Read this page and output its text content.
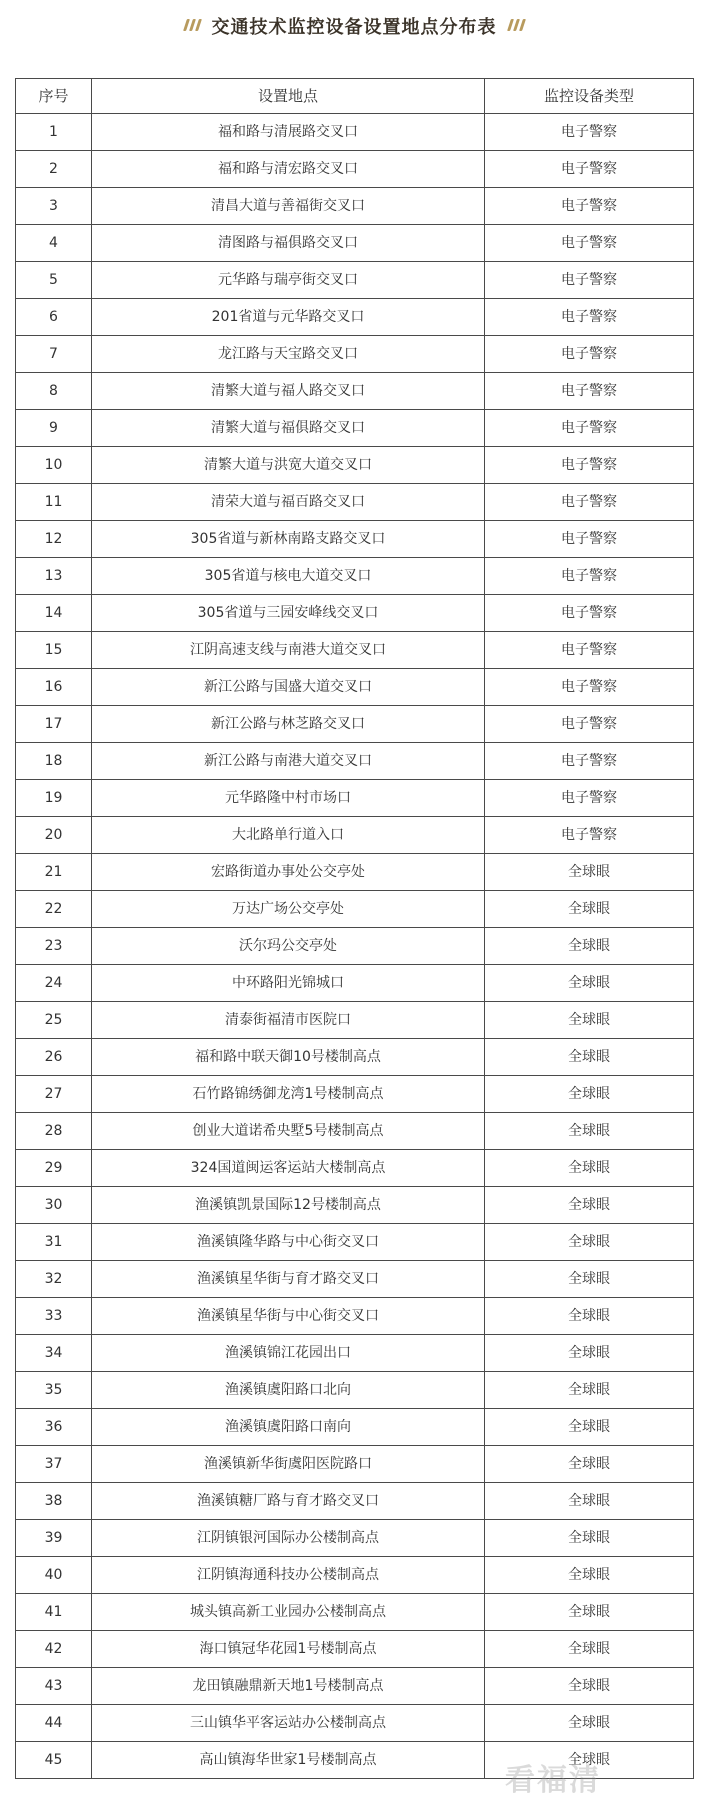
交通技术监控设备设置地点分布表
序号	设置地点	监控设备类型
1	福和路与清展路交叉口	电子警察
2	福和路与清宏路交叉口	电子警察
3	清昌大道与善福街交叉口	电子警察
4	清图路与福俱路交叉口	电子警察
5	元华路与瑞亭街交叉口	电子警察
6	201省道与元华路交叉口	电子警察
7	龙江路与天宝路交叉口	电子警察
8	清繁大道与福人路交叉口	电子警察
9	清繁大道与福俱路交叉口	电子警察
10	清繁大道与洪宽大道交叉口	电子警察
11	清荣大道与福百路交叉口	电子警察
12	305省道与新林南路支路交叉口	电子警察
13	305省道与核电大道交叉口	电子警察
14	305省道与三园安峰线交叉口	电子警察
15	江阴高速支线与南港大道交叉口	电子警察
16	新江公路与国盛大道交叉口	电子警察
17	新江公路与林芝路交叉口	电子警察
18	新江公路与南港大道交叉口	电子警察
19	元华路隆中村市场口	电子警察
20	大北路单行道入口	电子警察
21	宏路街道办事处公交亭处	全球眼
22	万达广场公交亭处	全球眼
23	沃尔玛公交亭处	全球眼
24	中环路阳光锦城口	全球眼
25	清泰街福清市医院口	全球眼
26	福和路中联天御10号楼制高点	全球眼
27	石竹路锦绣御龙湾1号楼制高点	全球眼
28	创业大道诺希央墅5号楼制高点	全球眼
29	324国道闽运客运站大楼制高点	全球眼
30	渔溪镇凯景国际12号楼制高点	全球眼
31	渔溪镇隆华路与中心街交叉口	全球眼
32	渔溪镇星华街与育才路交叉口	全球眼
33	渔溪镇星华街与中心街交叉口	全球眼
34	渔溪镇锦江花园出口	全球眼
35	渔溪镇虞阳路口北向	全球眼
36	渔溪镇虞阳路口南向	全球眼
37	渔溪镇新华街虞阳医院路口	全球眼
38	渔溪镇糖厂路与育才路交叉口	全球眼
39	江阴镇银河国际办公楼制高点	全球眼
40	江阴镇海通科技办公楼制高点	全球眼
41	城头镇高新工业园办公楼制高点	全球眼
42	海口镇冠华花园1号楼制高点	全球眼
43	龙田镇融鼎新天地1号楼制高点	全球眼
44	三山镇华平客运站办公楼制高点	全球眼
45	高山镇海华世家1号楼制高点	全球眼
看福清
